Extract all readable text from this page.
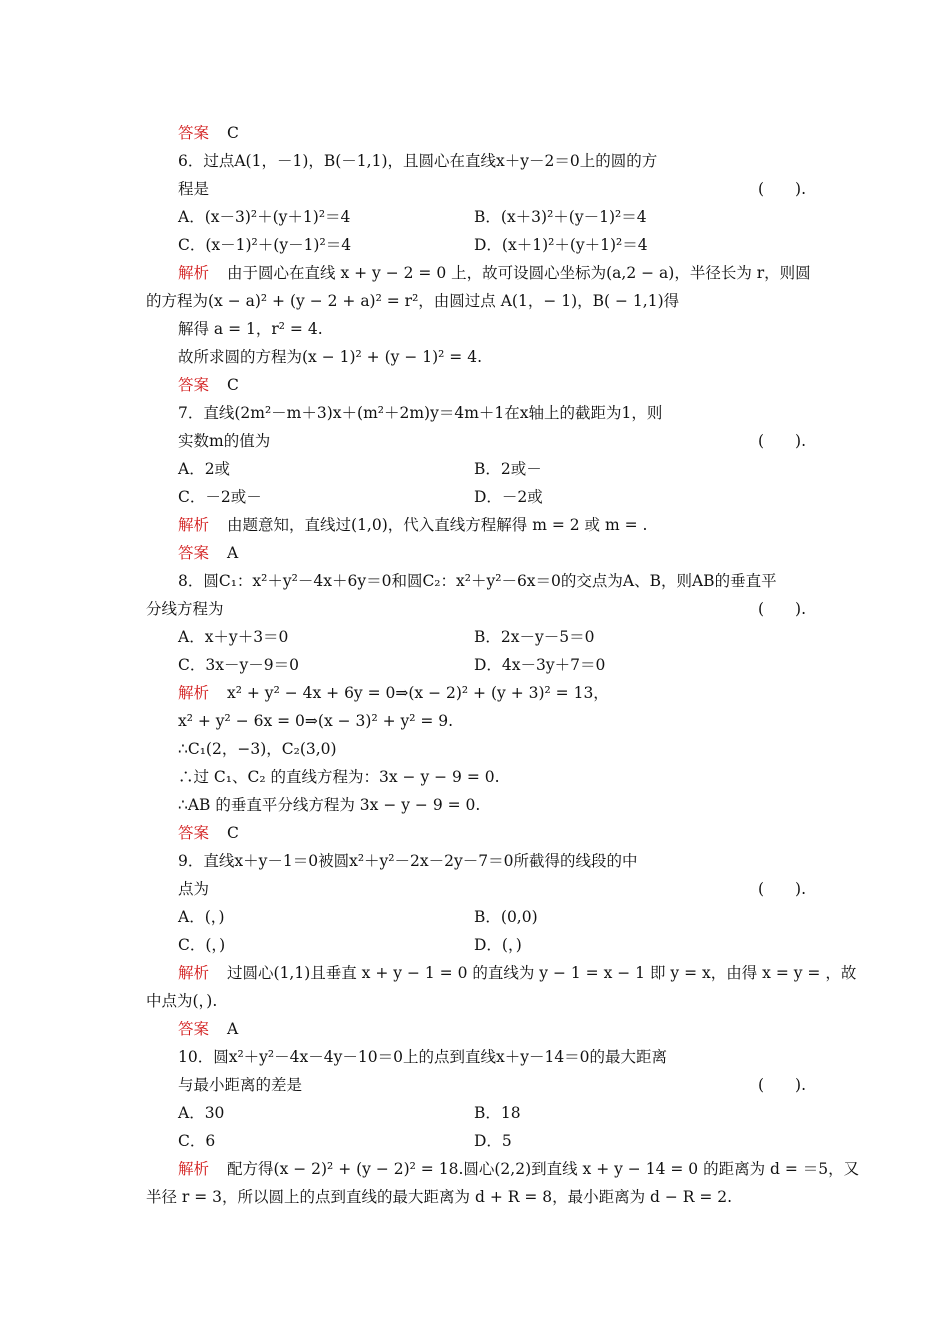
答案 C
6．过点A(1，－1)，B(－1,1)，且圆心在直线x＋y－2＝0上的圆的方
程是	(　　).
A．(x－3)²＋(y＋1)²＝4	B．(x＋3)²＋(y－1)²＝4
C．(x－1)²＋(y－1)²＝4	D．(x＋1)²＋(y＋1)²＝4
解析 由于圆心在直线 x + y − 2 = 0 上，故可设圆心坐标为(a,2 − a)，半径长为 r，则圆
的方程为(x − a)² + (y − 2 + a)² = r²，由圆过点 A(1，− 1)，B( − 1,1)得
解得 a = 1，r² = 4.
故所求圆的方程为(x − 1)² + (y − 1)² = 4.
答案 C
7．直线(2m²－m＋3)x＋(m²＋2m)y＝4m＋1在x轴上的截距为1，则
实数m的值为	(　　).
A．2或	B．2或－
C．－2或－	D．－2或
解析 由题意知，直线过(1,0)，代入直线方程解得 m = 2 或 m = .
答案 A
8．圆C₁：x²＋y²－4x＋6y＝0和圆C₂：x²＋y²－6x＝0的交点为A、B，则AB的垂直平
分线方程为	(　　).
A．x＋y＋3＝0	B．2x－y－5＝0
C．3x－y－9＝0	D．4x－3y＋7＝0
解析 x² + y² − 4x + 6y = 0⇒(x − 2)² + (y + 3)² = 13，
x² + y² − 6x = 0⇒(x − 3)² + y² = 9.
∴C₁(2，−3)，C₂(3,0)
∴过 C₁、C₂ 的直线方程为：3x − y − 9 = 0.
∴AB 的垂直平分线方程为 3x − y − 9 = 0.
答案 C
9．直线x＋y－1＝0被圆x²＋y²－2x－2y－7＝0所截得的线段的中
点为	(　　).
A．(，)	B．(0,0)
C．(，)	D．(，)
解析 过圆心(1,1)且垂直 x + y − 1 = 0 的直线为 y − 1 = x − 1 即 y = x，由得 x = y = ，故
中点为(，).
答案 A
10．圆x²＋y²－4x－4y－10＝0上的点到直线x＋y－14＝0的最大距离
与最小距离的差是	(　　).
A．30	B．18
C．6	D．5
解析 配方得(x − 2)² + (y − 2)² = 18.圆心(2,2)到直线 x + y − 14 = 0 的距离为 d = ＝5，又
半径 r = 3，所以圆上的点到直线的最大距离为 d + R = 8，最小距离为 d − R = 2.
